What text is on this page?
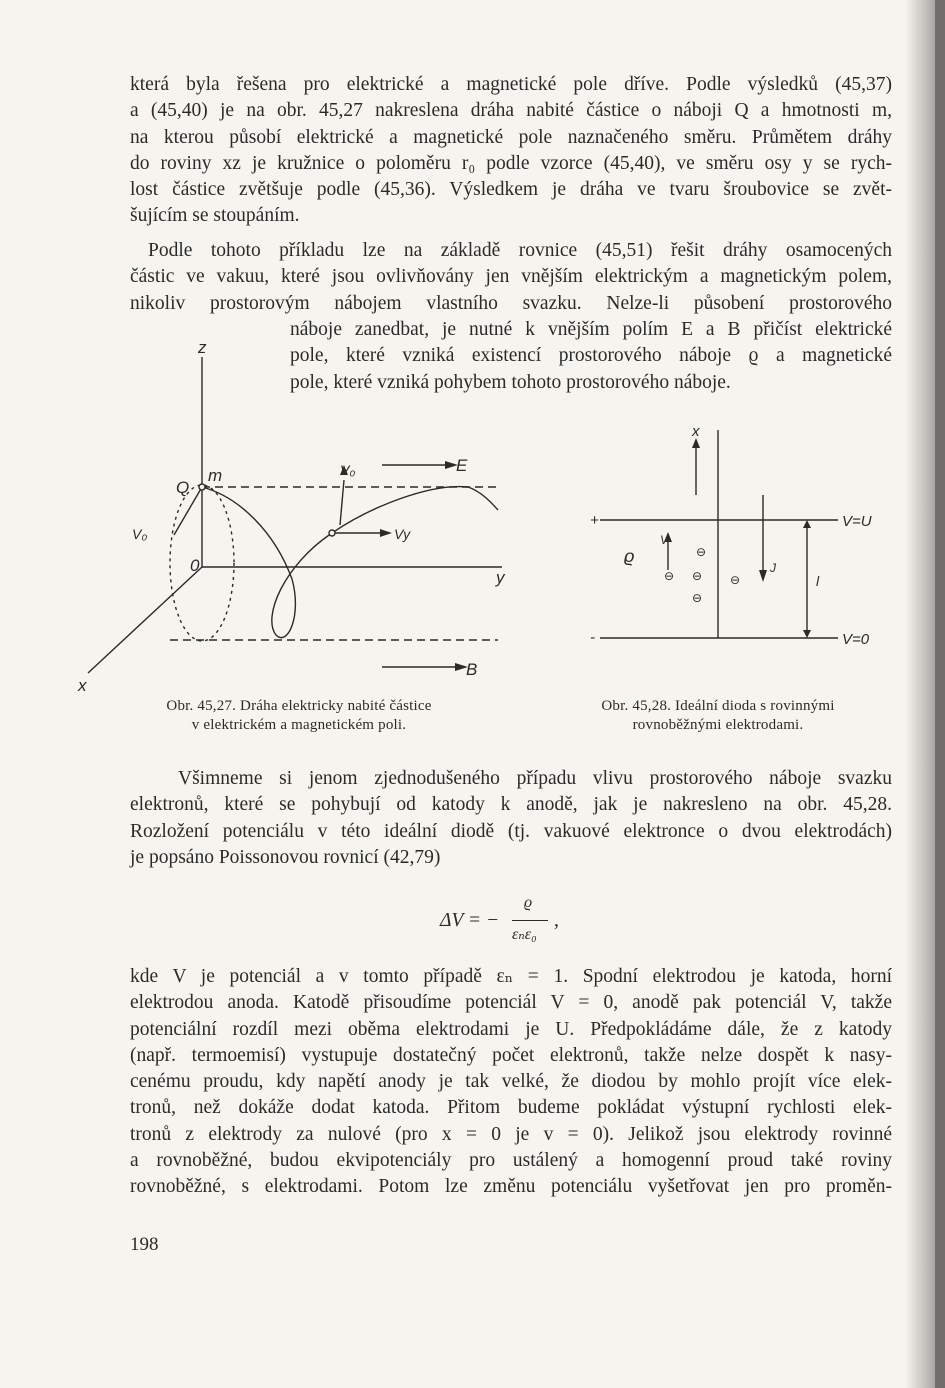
která byla řešena pro elektrické a magnetické pole dříve. Podle výsledků (45,37)
a (45,40) je na obr. 45,27 nakreslena dráha nabité částice o náboji Q a hmotnosti m,
na kterou působí elektrické a magnetické pole naznačeného směru. Průmětem dráhy
do roviny xz je kružnice o poloměru r₀ podle vzorce (45,40), ve směru osy y se rych-
lost částice zvětšuje podle (45,36). Výsledkem je dráha ve tvaru šroubovice se zvět-
šujícím se stoupáním.
Podle tohoto příkladu lze na základě rovnice (45,51) řešit dráhy osamocených
částic ve vakuu, které jsou ovlivňovány jen vnějším elektrickým a magnetickým polem,
nikoliv prostorovým nábojem vlastního svazku. Nelze-li působení prostorového
náboje zanedbat, je nutné k vnějším polím E a B přičíst elektrické
pole, které vzniká existencí prostorového náboje ϱ a magnetické
pole, které vzniká pohybem tohoto prostorového náboje.
z
x
y
Q
m
0
V₀
V₀
Vy
E
B
Obr. 45,27. Dráha elektricky nabité částice
v elektrickém a magnetickém poli.
x
+
-
V=U
V=0
ϱ
V
J
l
⊖
⊖ ⊖
⊖
⊖
Obr. 45,28. Ideální dioda s rovinnými
rovnoběžnými elektrodami.
Všimneme si jenom zjednodušeného případu vlivu prostorového náboje svazku
elektronů, které se pohybují od katody k anodě, jak je nakresleno na obr. 45,28.
Rozložení potenciálu v této ideální diodě (tj. vakuové elektronce o dvou elektrodách)
je popsáno Poissonovou rovnicí (42,79)
ΔV = −
ϱ
εₙε₀
,
kde V je potenciál a v tomto případě εₙ = 1. Spodní elektrodou je katoda, horní
elektrodou anoda. Katodě přisoudíme potenciál V = 0, anodě pak potenciál V, takže
potenciální rozdíl mezi oběma elektrodami je U. Předpokládáme dále, že z katody
(např. termoemisí) vystupuje dostatečný počet elektronů, takže nelze dospět k nasy-
cenému proudu, kdy napětí anody je tak velké, že diodou by mohlo projít více elek-
tronů, než dokáže dodat katoda. Přitom budeme pokládat výstupní rychlosti elek-
tronů z elektrody za nulové (pro x = 0 je v = 0). Jelikož jsou elektrody rovinné
a rovnoběžné, budou ekvipotenciály pro ustálený a homogenní proud také roviny
rovnoběžné, s elektrodami. Potom lze změnu potenciálu vyšetřovat jen pro proměn-
198
